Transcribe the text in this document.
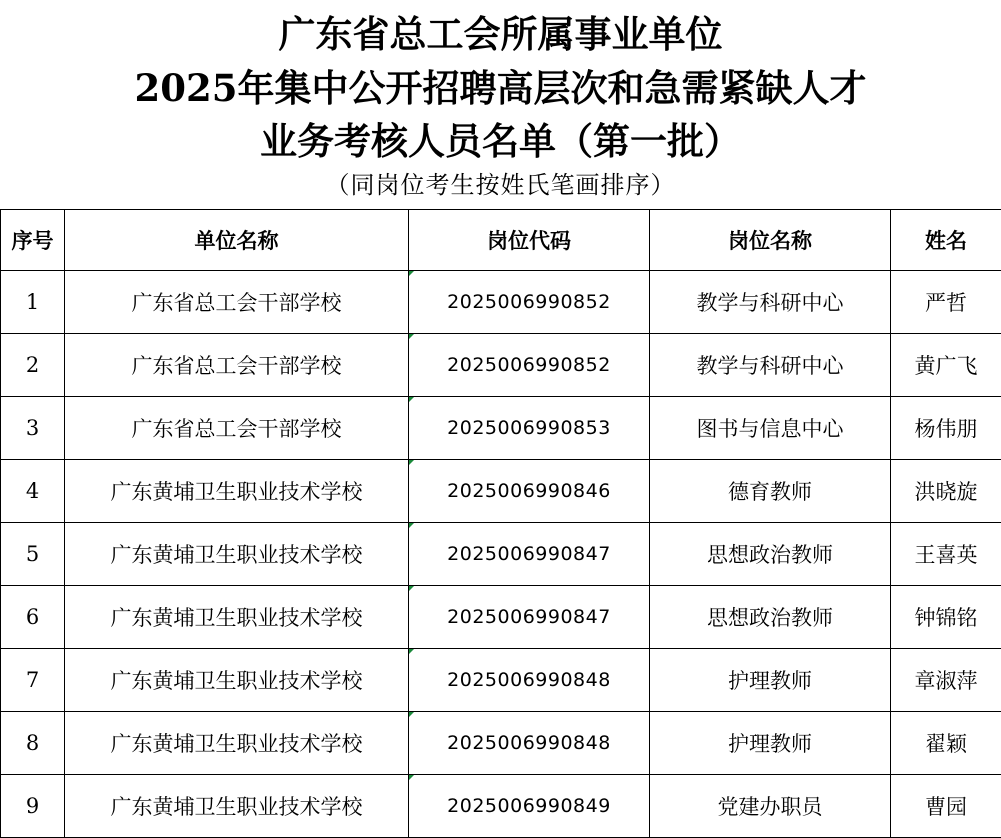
广东省总工会所属事业单位
2025年集中公开招聘高层次和急需紧缺人才
业务考核人员名单（第一批）
（同岗位考生按姓氏笔画排序）
序号	单位名称	岗位代码	岗位名称	姓名
1	广东省总工会干部学校	2025006990852	教学与科研中心	严哲
2	广东省总工会干部学校	2025006990852	教学与科研中心	黄广飞
3	广东省总工会干部学校	2025006990853	图书与信息中心	杨伟朋
4	广东黄埔卫生职业技术学校	2025006990846	德育教师	洪晓旋
5	广东黄埔卫生职业技术学校	2025006990847	思想政治教师	王喜英
6	广东黄埔卫生职业技术学校	2025006990847	思想政治教师	钟锦铭
7	广东黄埔卫生职业技术学校	2025006990848	护理教师	章淑萍
8	广东黄埔卫生职业技术学校	2025006990848	护理教师	翟颖
9	广东黄埔卫生职业技术学校	2025006990849	党建办职员	曹园
